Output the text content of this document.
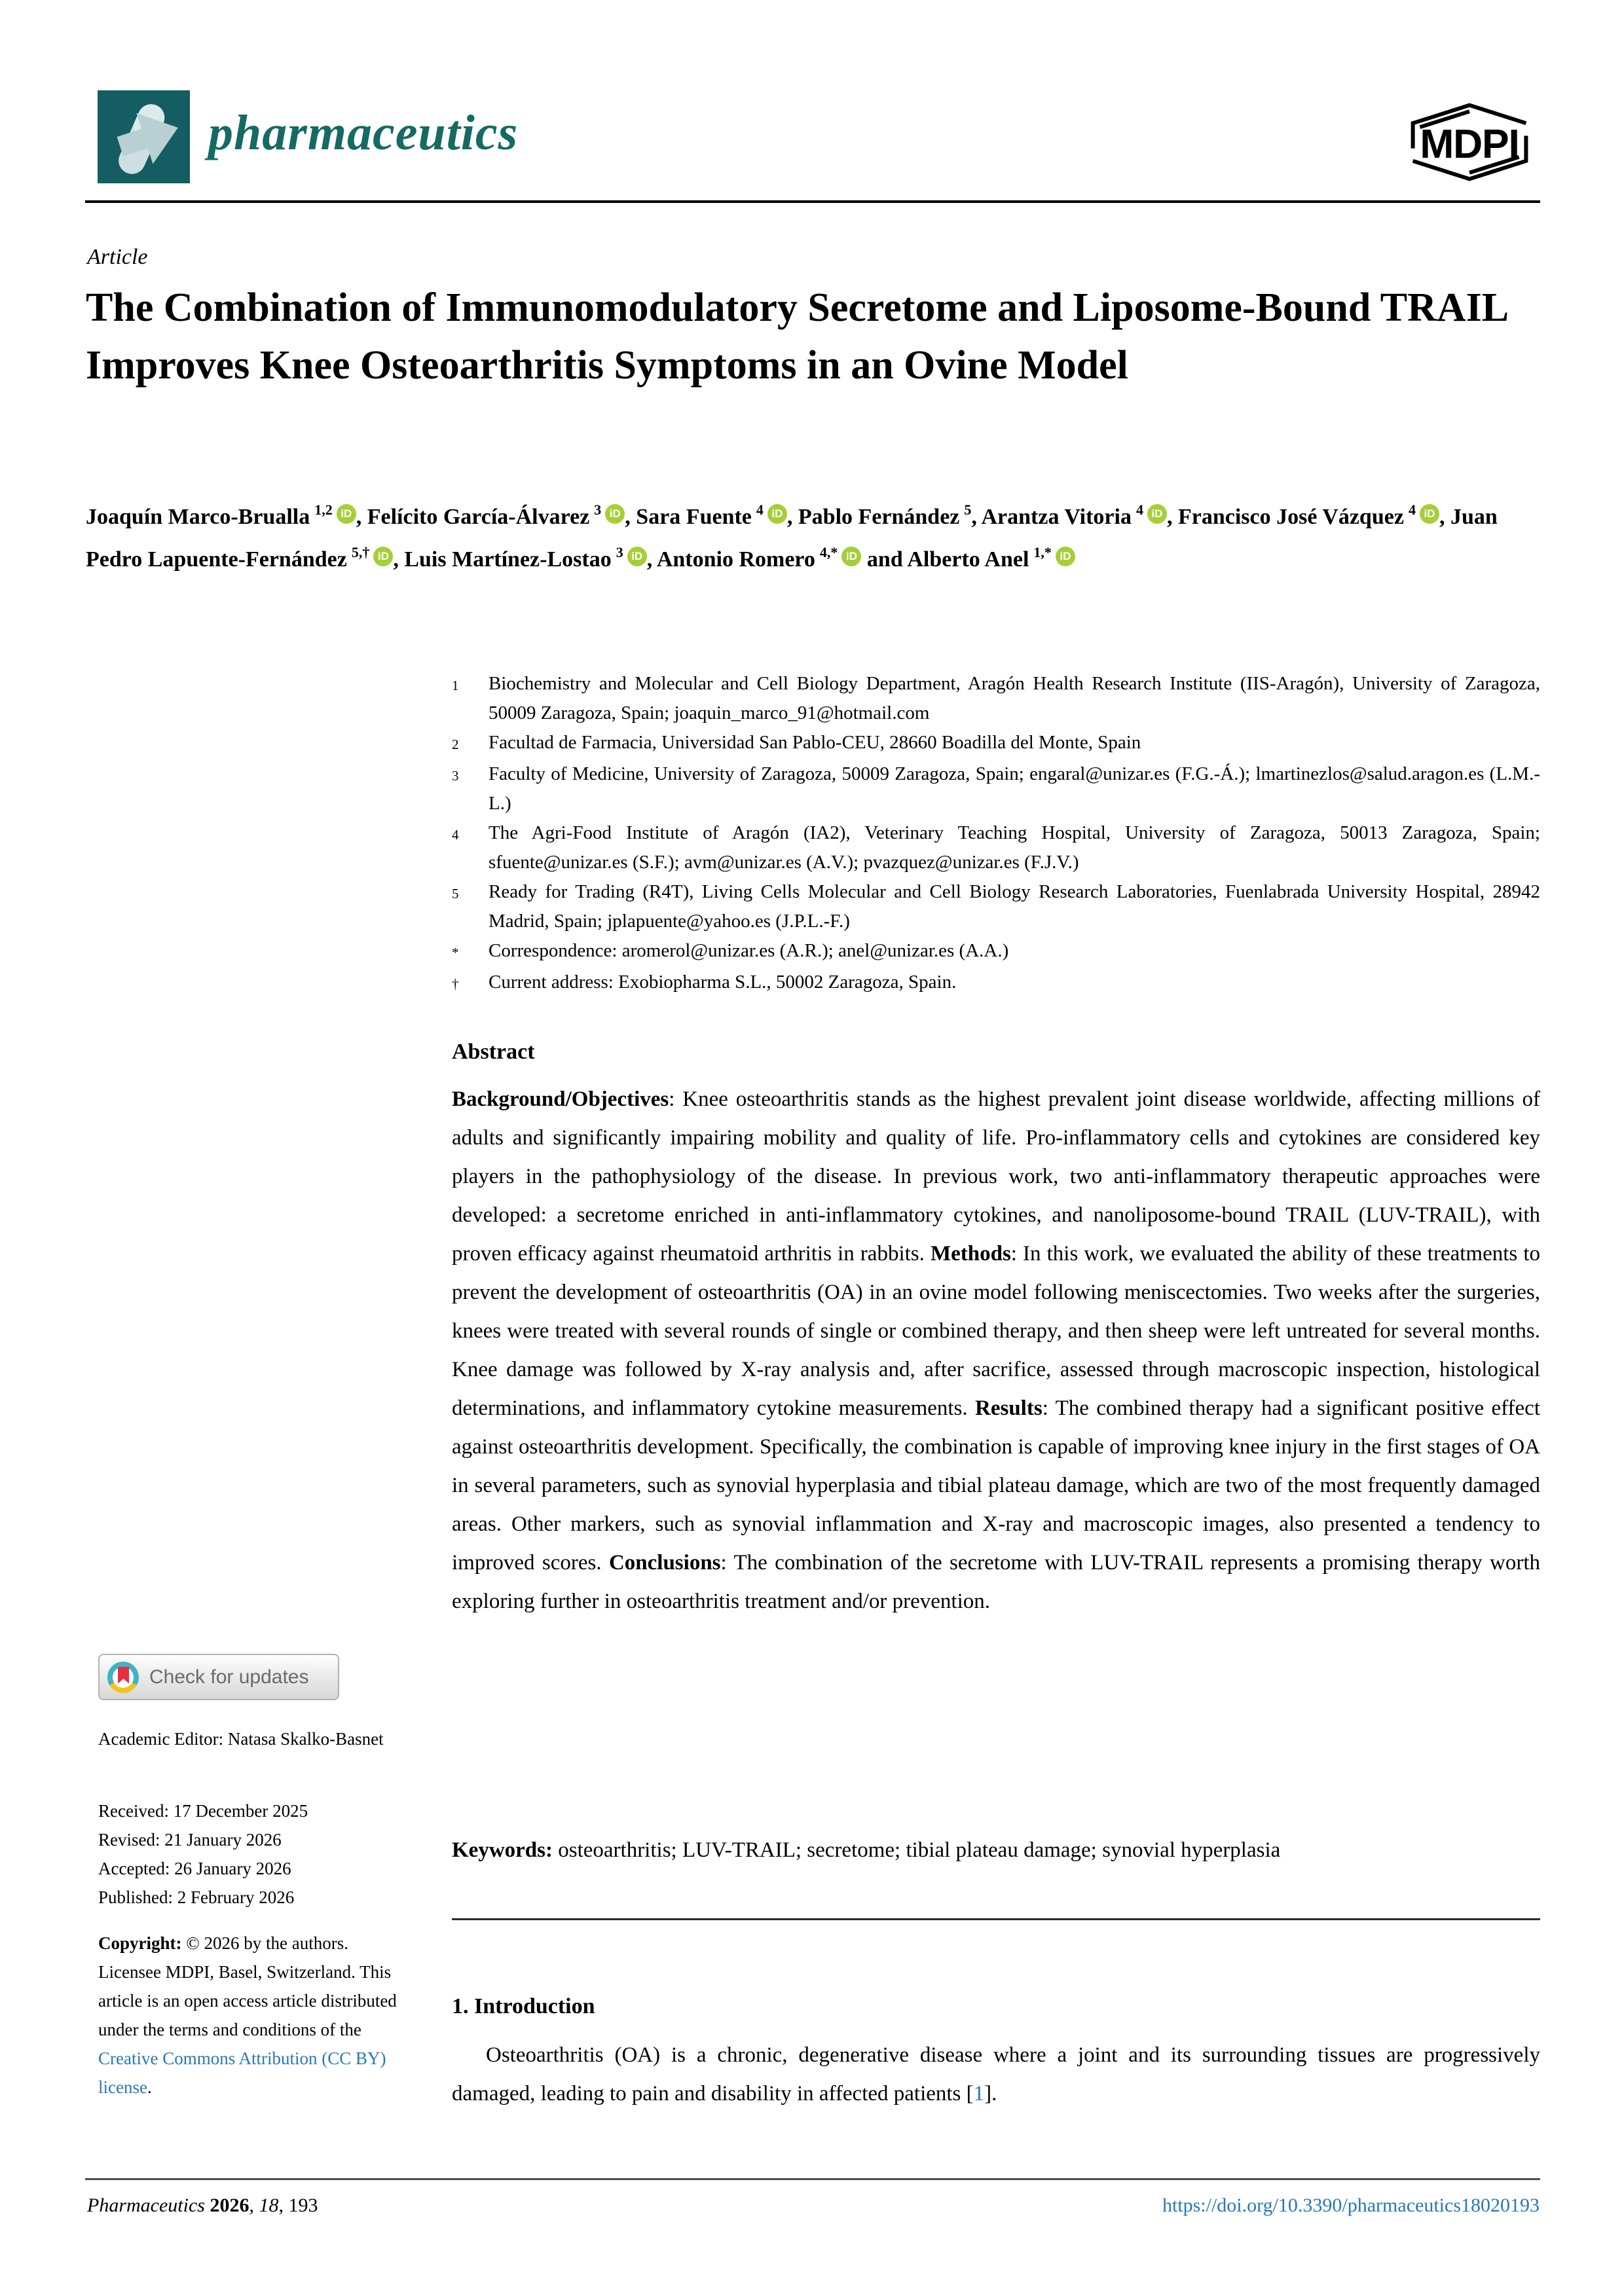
pharmaceutics	MDPI
Article
The Combination of Immunomodulatory Secretome and Liposome-Bound TRAIL Improves Knee Osteoarthritis Symptoms in an Ovine Model
Joaquín Marco-Brualla $^{1,2}$ iD , Felícito García-Álvarez $^3$ iD , Sara Fuente $^4$ iD , Pablo Fernández $^5$, Arantza Vitoria $^4$ iD , Francisco José Vázquez $^4$ iD , Juan Pedro Lapuente-Fernández $^{5,\dagger}$ iD , Luis Martínez-Lostao $^3$ iD , Antonio Romero $^{4,*}$ iD and Alberto Anel $^{1,*}$ iD
1	Biochemistry and Molecular and Cell Biology Department, Aragón Health Research Institute (IIS-Aragón), University of Zaragoza, 50009 Zaragoza, Spain; joaquin_marco_91@hotmail.com
2	Facultad de Farmacia, Universidad San Pablo-CEU, 28660 Boadilla del Monte, Spain
3	Faculty of Medicine, University of Zaragoza, 50009 Zaragoza, Spain; engaral@unizar.es (F.G.-Á.); lmartinezlos@salud.aragon.es (L.M.-L.)
4	The Agri-Food Institute of Aragón (IA2), Veterinary Teaching Hospital, University of Zaragoza, 50013 Zaragoza, Spain; sfuente@unizar.es (S.F.); avm@unizar.es (A.V.); pvazquez@unizar.es (F.J.V.)
5	Ready for Trading (R4T), Living Cells Molecular and Cell Biology Research Laboratories, Fuenlabrada University Hospital, 28942 Madrid, Spain; jplapuente@yahoo.es (J.P.L.-F.)
*	Correspondence: aromerol@unizar.es (A.R.); anel@unizar.es (A.A.)
†	Current address: Exobiopharma S.L., 50002 Zaragoza, Spain.
Abstract
Background/Objectives: Knee osteoarthritis stands as the highest prevalent joint disease worldwide, affecting millions of adults and significantly impairing mobility and quality of life. Pro-inflammatory cells and cytokines are considered key players in the pathophysiology of the disease. In previous work, two anti-inflammatory therapeutic approaches were developed: a secretome enriched in anti-inflammatory cytokines, and nanoliposome-bound TRAIL (LUV-TRAIL), with proven efficacy against rheumatoid arthritis in rabbits. Methods: In this work, we evaluated the ability of these treatments to prevent the development of osteoarthritis (OA) in an ovine model following meniscectomies. Two weeks after the surgeries, knees were treated with several rounds of single or combined therapy, and then sheep were left untreated for several months. Knee damage was followed by X-ray analysis and, after sacrifice, assessed through macroscopic inspection, histological determinations, and inflammatory cytokine measurements. Results: The combined therapy had a significant positive effect against osteoarthritis development. Specifically, the combination is capable of improving knee injury in the first stages of OA in several parameters, such as synovial hyperplasia and tibial plateau damage, which are two of the most frequently damaged areas. Other markers, such as synovial inflammation and X-ray and macroscopic images, also presented a tendency to improved scores. Conclusions: The combination of the secretome with LUV-TRAIL represents a promising therapy worth exploring further in osteoarthritis treatment and/or prevention.
Keywords: osteoarthritis; LUV-TRAIL; secretome; tibial plateau damage; synovial hyperplasia
1. Introduction
Osteoarthritis (OA) is a chronic, degenerative disease where a joint and its surrounding tissues are progressively damaged, leading to pain and disability in affected patients [1].
Check for updates
Academic Editor: Natasa Skalko-Basnet
Received: 17 December 2025
Revised: 21 January 2026
Accepted: 26 January 2026
Published: 2 February 2026
Copyright: © 2026 by the authors. Licensee MDPI, Basel, Switzerland. This article is an open access article distributed under the terms and conditions of the Creative Commons Attribution (CC BY) license.
Pharmaceutics 2026, 18, 193	https://doi.org/10.3390/pharmaceutics18020193
